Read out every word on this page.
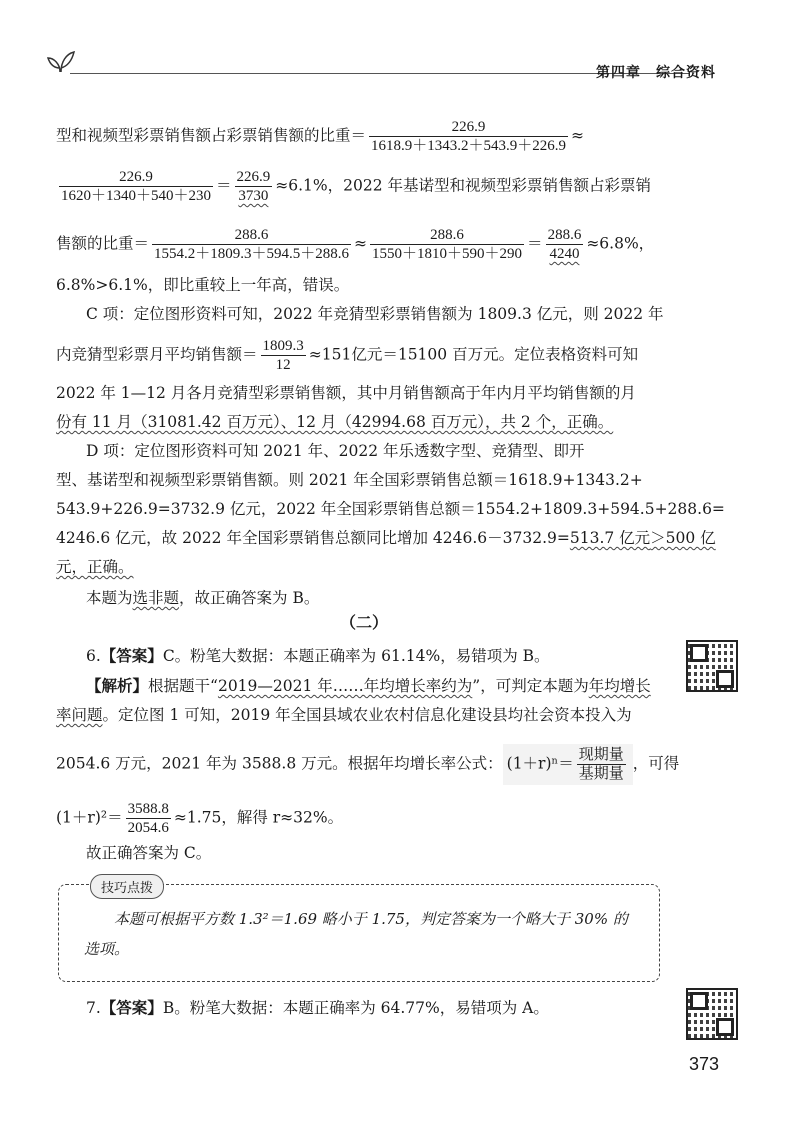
第四章　综合资料
型和视频型彩票销售额占彩票销售额的比重＝ $\frac{226.9}{1618.9+1343.2+543.9+226.9}$ ≈
$\frac{226.9}{1620+1340+540+230} = \frac{226.9}{3730} \approx 6.1\%$，2022 年基诺型和视频型彩票销售额占彩票销
售额的比重＝ $\frac{288.6}{1554.2+1809.3+594.5+288.6} \approx \frac{288.6}{1550+1810+590+290} = \frac{288.6}{4240} \approx 6.8\%$，
6.8%>6.1%，即比重较上一年高，错误。
C 项：定位图形资料可知，2022 年竞猜型彩票销售额为 1809.3 亿元，则 2022 年
内竞猜型彩票月平均销售额＝ $\frac{1809.3}{12} \approx 151$亿元＝15100 百万元。定位表格资料可知
2022 年 1—12 月各月竞猜型彩票销售额，其中月销售额高于年内月平均销售额的月
份有 11 月（31081.42 百万元）、12 月（42994.68 百万元），共 2 个，正确。
D 项：定位图形资料可知 2021 年、2022 年乐透数字型、竞猜型、即开
型、基诺型和视频型彩票销售额。则 2021 年全国彩票销售总额＝1618.9+1343.2+
543.9+226.9=3732.9 亿元，2022 年全国彩票销售总额＝1554.2+1809.3+594.5+288.6=
4246.6 亿元，故 2022 年全国彩票销售总额同比增加 4246.6－3732.9=513.7 亿元＞500 亿
元，正确。
本题为选非题，故正确答案为 B。
（二）
6.【答案】C。粉笔大数据：本题正确率为 61.14%，易错项为 B。
【解析】根据题干“2019—2021 年……年均增长率约为”，可判定本题为年均增长
率问题。定位图 1 可知，2019 年全国县域农业农村信息化建设县均社会资本投入为
2054.6 万元，2021 年为 3588.8 万元。根据年均增长率公式： $(1+r)^n= \frac{\text{现期量}}{\text{基期量}}$ ，可得
$(1+r)^2= \frac{3588.8}{2054.6} \approx 1.75$，解得 r≈32%。
故正确答案为 C。
技巧点拨
本题可根据平方数 1.3²＝1.69 略小于 1.75，判定答案为一个略大于 30% 的
选项。
7.【答案】B。粉笔大数据：本题正确率为 64.77%，易错项为 A。
373
